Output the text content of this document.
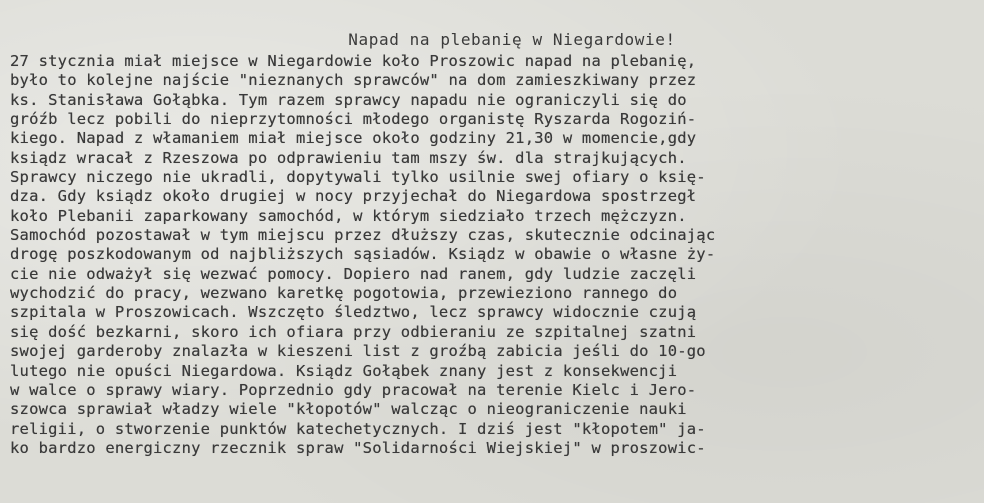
Napad na plebanię w Niegardowie!
27 stycznia miał miejsce w Niegardowie koło Proszowic napad na plebanię,
było to kolejne najście "nieznanych sprawców" na dom zamieszkiwany przez
ks. Stanisława Gołąbka. Tym razem sprawcy napadu nie ograniczyli się do
gróźb lecz pobili do nieprzytomności młodego organistę Ryszarda Rogoziń-
kiego. Napad z włamaniem miał miejsce około godziny 21,30 w momencie,gdy
ksiądz wracał z Rzeszowa po odprawieniu tam mszy św. dla strajkujących.
Sprawcy niczego nie ukradli, dopytywali tylko usilnie swej ofiary o księ-
dza. Gdy ksiądz około drugiej w nocy przyjechał do Niegardowa spostrzegł
koło Plebanii zaparkowany samochód, w którym siedziało trzech mężczyzn.
Samochód pozostawał w tym miejscu przez dłuższy czas, skutecznie odcinając
drogę poszkodowanym od najbliższych sąsiadów. Ksiądz w obawie o własne ży-
cie nie odważył się wezwać pomocy. Dopiero nad ranem, gdy ludzie zaczęli
wychodzić do pracy, wezwano karetkę pogotowia, przewieziono rannego do
szpitala w Proszowicach. Wszczęto śledztwo, lecz sprawcy widocznie czują
się dość bezkarni, skoro ich ofiara przy odbieraniu ze szpitalnej szatni
swojej garderoby znalazła w kieszeni list z groźbą zabicia jeśli do 10-go
lutego nie opuści Niegardowa. Ksiądz Gołąbek znany jest z konsekwencji
w walce o sprawy wiary. Poprzednio gdy pracował na terenie Kielc i Jero-
szowca sprawiał władzy wiele "kłopotów" walcząc o nieograniczenie nauki
religii, o stworzenie punktów katechetycznych. I dziś jest "kłopotem" ja-
ko bardzo energiczny rzecznik spraw "Solidarności Wiejskiej" w proszowic-
